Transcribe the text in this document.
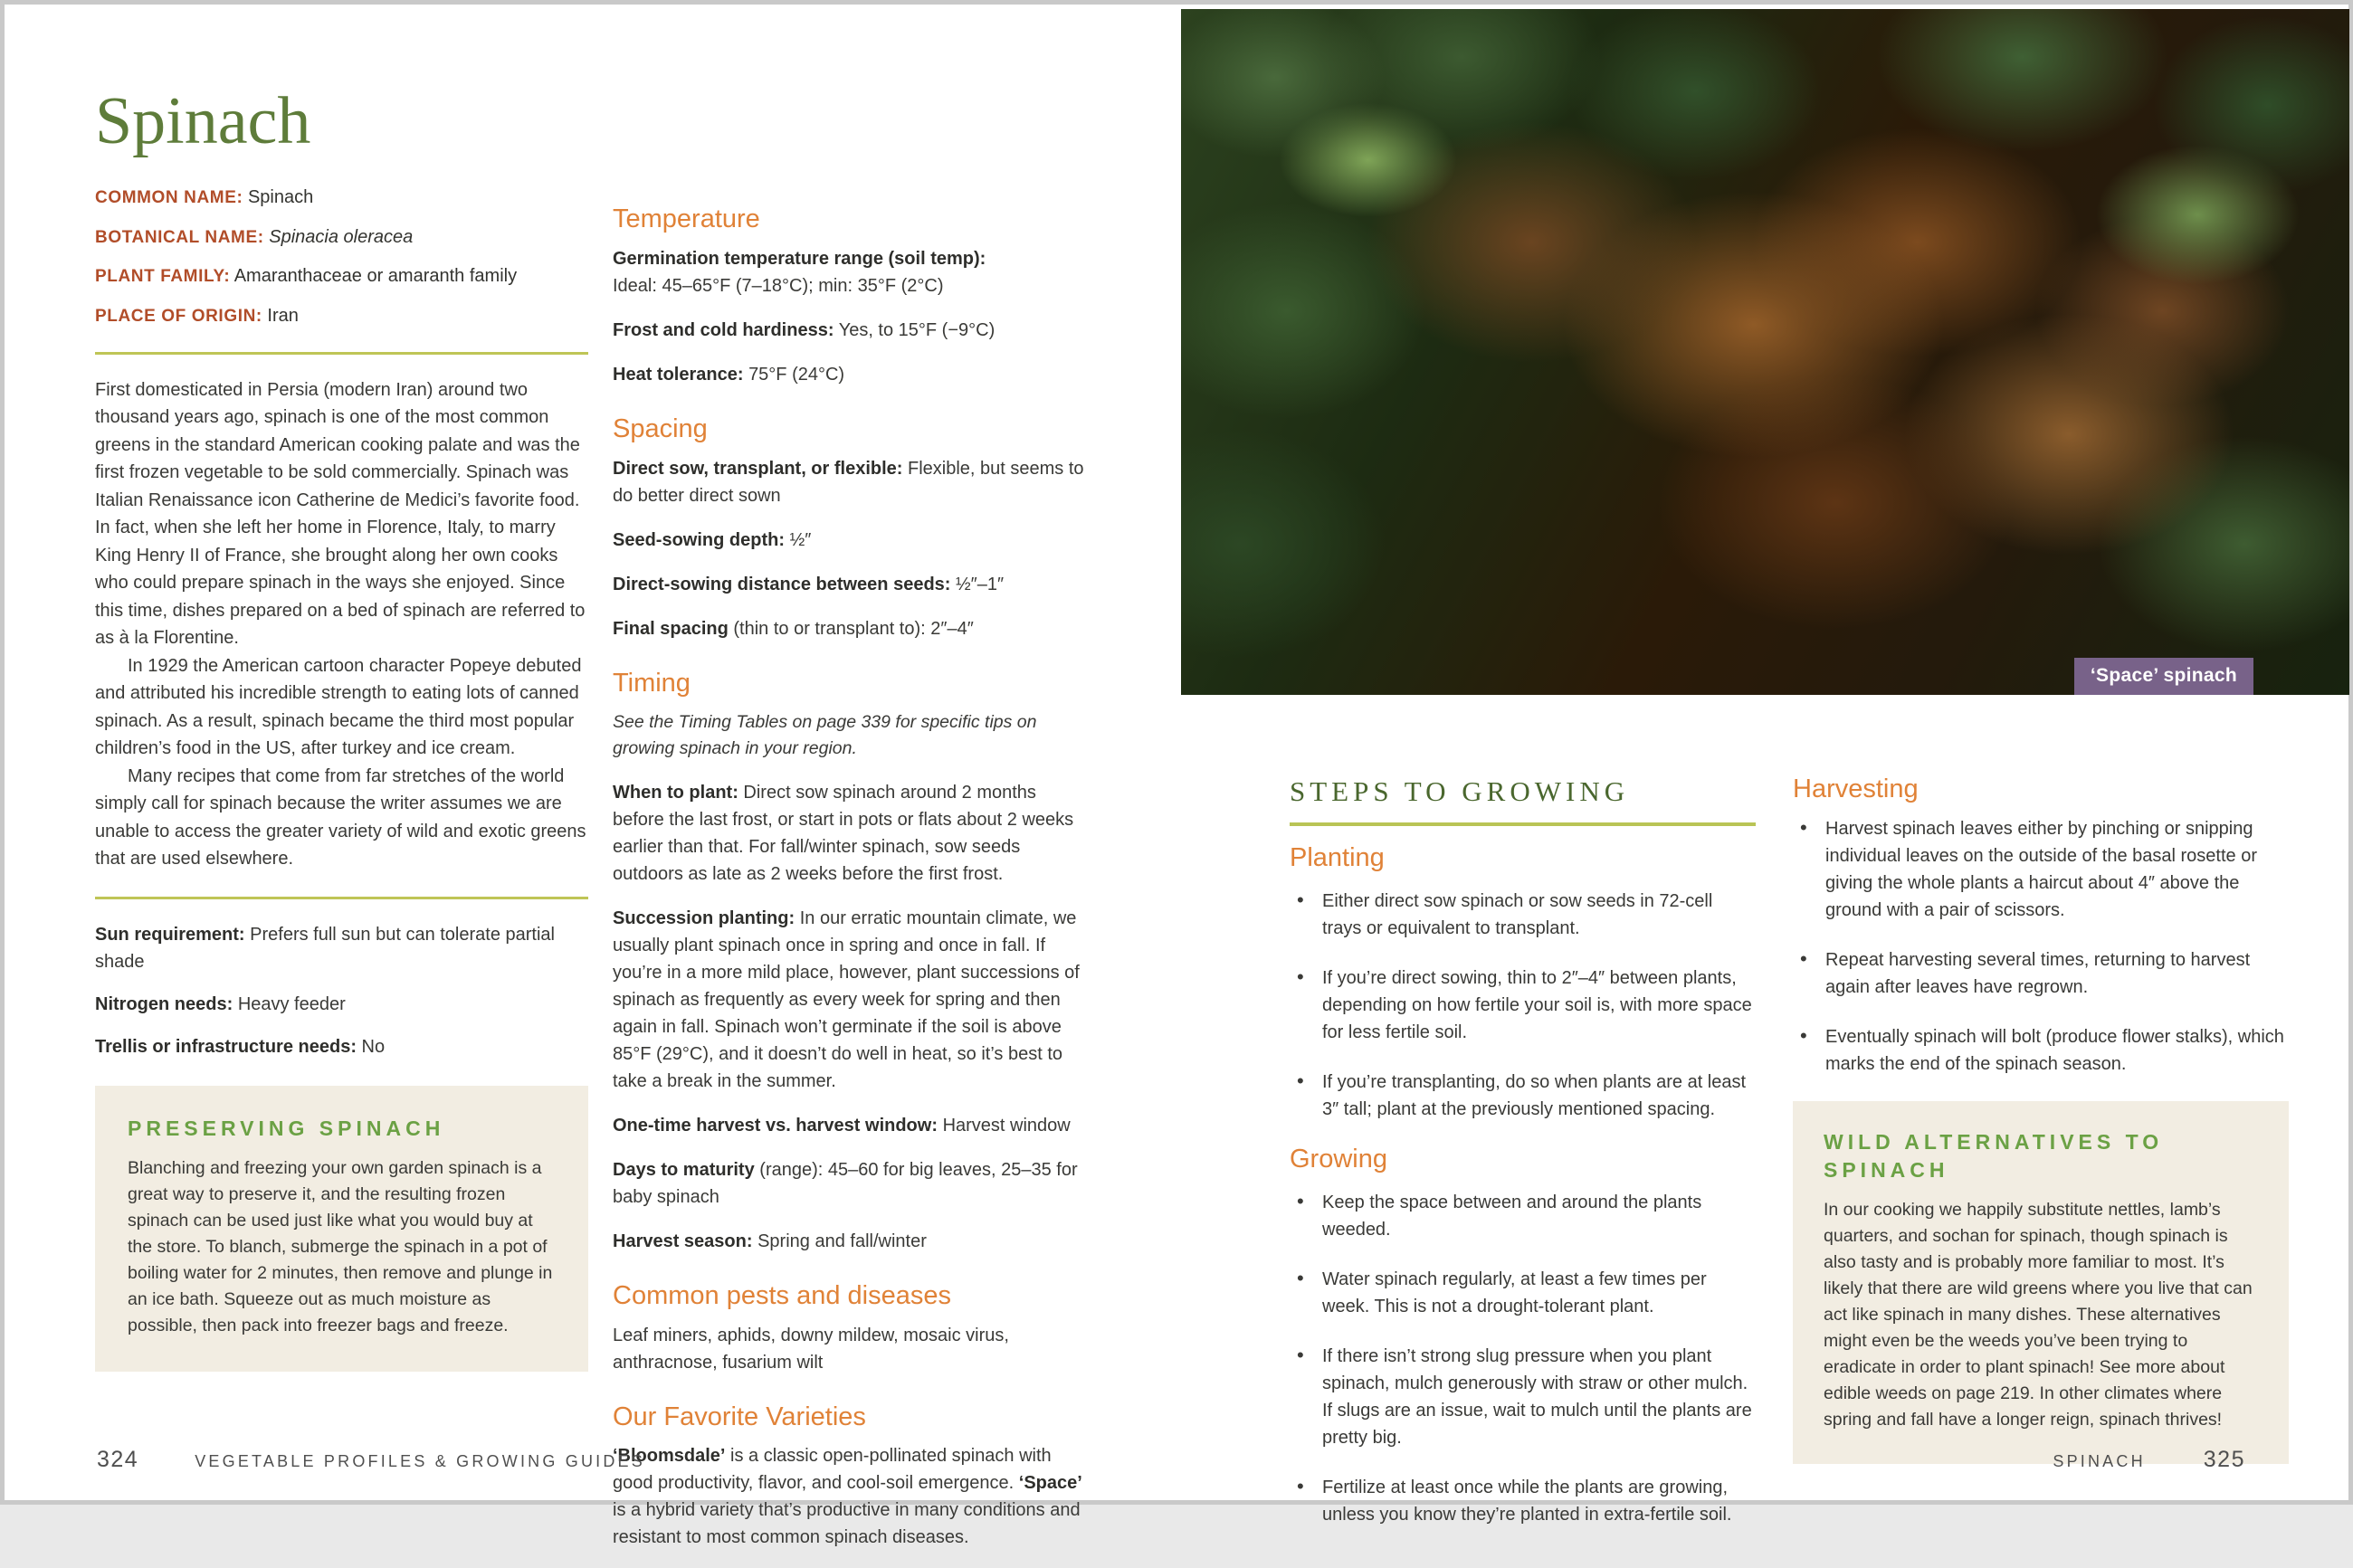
Spinach

COMMON NAME: Spinach

BOTANICAL NAME: Spinacia oleracea

PLANT FAMILY: Amaranthaceae or amaranth family

PLACE OF ORIGIN: Iran

First domesticated in Persia (modern Iran) around two thousand years ago, spinach is one of the most common greens in the standard American cooking palate and was the first frozen vegetable to be sold commercially. Spinach was Italian Renaissance icon Catherine de Medici’s favorite food. In fact, when she left her home in Florence, Italy, to marry King Henry II of France, she brought along her own cooks who could prepare spinach in the ways she enjoyed. Since this time, dishes prepared on a bed of spinach are referred to as à la Florentine.

In 1929 the American cartoon character Popeye debuted and attributed his incredible strength to eating lots of canned spinach. As a result, spinach became the third most popular children’s food in the US, after turkey and ice cream.

Many recipes that come from far stretches of the world simply call for spinach because the writer assumes we are unable to access the greater variety of wild and exotic greens that are used elsewhere.

Sun requirement: Prefers full sun but can tolerate partial shade

Nitrogen needs: Heavy feeder

Trellis or infrastructure needs: No

PRESERVING SPINACH

Blanching and freezing your own garden spinach is a great way to preserve it, and the resulting frozen spinach can be used just like what you would buy at the store. To blanch, submerge the spinach in a pot of boiling water for 2 minutes, then remove and plunge in an ice bath. Squeeze out as much moisture as possible, then pack into freezer bags and freeze.

Temperature

Germination temperature range (soil temp):
Ideal: 45–65°F (7–18°C); min: 35°F (2°C)

Frost and cold hardiness: Yes, to 15°F (−9°C)

Heat tolerance: 75°F (24°C)

Spacing

Direct sow, transplant, or flexible: Flexible, but seems to do better direct sown

Seed-sowing depth: ½″

Direct-sowing distance between seeds: ½″–1″

Final spacing (thin to or transplant to): 2″–4″

Timing

See the Timing Tables on page 339 for specific tips on growing spinach in your region.

When to plant: Direct sow spinach around 2 months before the last frost, or start in pots or flats about 2 weeks earlier than that. For fall/winter spinach, sow seeds outdoors as late as 2 weeks before the first frost.

Succession planting: In our erratic mountain climate, we usually plant spinach once in spring and once in fall. If you’re in a more mild place, however, plant successions of spinach as frequently as every week for spring and then again in fall. Spinach won’t germinate if the soil is above 85°F (29°C), and it doesn’t do well in heat, so it’s best to take a break in the summer.

One-time harvest vs. harvest window: Harvest window

Days to maturity (range): 45–60 for big leaves, 25–35 for baby spinach

Harvest season: Spring and fall/winter

Common pests and diseases

Leaf miners, aphids, downy mildew, mosaic virus, anthracnose, fusarium wilt

Our Favorite Varieties

‘Bloomsdale’ is a classic open-pollinated spinach with good productivity, flavor, and cool-soil emergence. ‘Space’ is a hybrid variety that’s productive in many conditions and resistant to most common spinach diseases.

‘Space’ spinach
STEPS TO GROWING
Planting
• Either direct sow spinach or sow seeds in 72-cell trays or equivalent to transplant.
• If you’re direct sowing, thin to 2″–4″ between plants, depending on how fertile your soil is, with more space for less fertile soil.
• If you’re transplanting, do so when plants are at least 3″ tall; plant at the previously mentioned spacing.
Growing
• Keep the space between and around the plants weeded.
• Water spinach regularly, at least a few times per week. This is not a drought-tolerant plant.
• If there isn’t strong slug pressure when you plant spinach, mulch generously with straw or other mulch. If slugs are an issue, wait to mulch until the plants are pretty big.
• Fertilize at least once while the plants are growing, unless you know they’re planted in extra-fertile soil.
Harvesting
• Harvest spinach leaves either by pinching or snipping individual leaves on the outside of the basal rosette or giving the whole plants a haircut about 4″ above the ground with a pair of scissors.
• Repeat harvesting several times, returning to harvest again after leaves have regrown.
• Eventually spinach will bolt (produce flower stalks), which marks the end of the spinach season.
WILD ALTERNATIVES TO SPINACH

In our cooking we happily substitute nettles, lamb’s quarters, and sochan for spinach, though spinach is also tasty and is probably more familiar to most. It’s likely that there are wild greens where you live that can act like spinach in many dishes. These alternatives might even be the weeds you’ve been trying to eradicate in order to plant spinach! See more about edible weeds on page 219. In other climates where spring and fall have a longer reign, spinach thrives!

324	VEGETABLE PROFILES & GROWING GUIDES	SPINACH	325
